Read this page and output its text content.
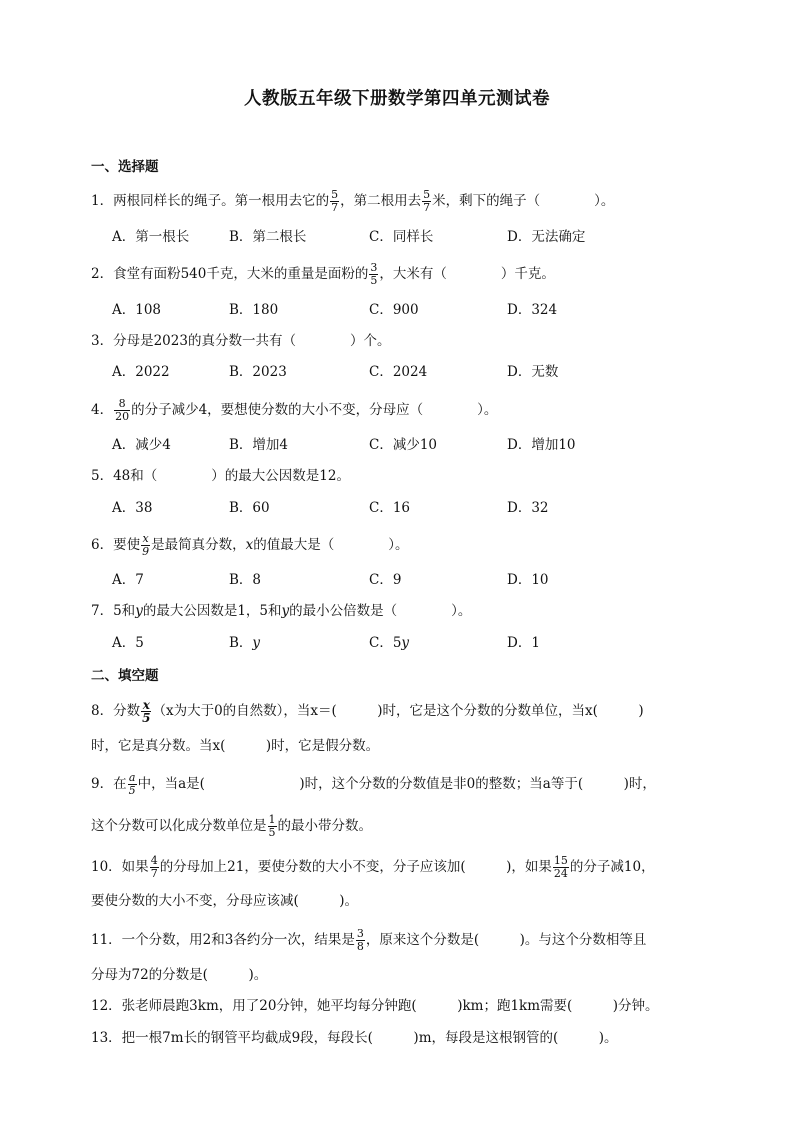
人教版五年级下册数学第四单元测试卷
一、选择题
1．两根同样长的绳子。第一根用去它的 $\frac{5}{7}$ ，第二根用去 $\frac{5}{7}$ 米，剩下的绳子（　　　　）。
A．第一根长	B．第二根长	C．同样长	D．无法确定
2．食堂有面粉540千克，大米的重量是面粉的 $\frac{3}{5}$ ，大米有（　　　　）千克。
A．108	B．180	C．900	D．324
3．分母是2023的真分数一共有（　　　　）个。
A．2022	B．2023	C．2024	D．无数
4． $\frac{8}{20}$ 的分子减少4，要想使分数的大小不变，分母应（　　　　）。
A．减少4	B．增加4	C．减少10	D．增加10
5．48和（　　　　）的最大公因数是12。
A．38	B．60	C．16	D．32
6．要使 $\frac{x}{9}$ 是最简真分数，x的值最大是（　　　　）。
A．7	B．8	C．9	D．10
7．5和y的最大公因数是1，5和y的最小公倍数是（　　　　）。
A．5	B．y	C．5y	D．1
二、填空题
8．分数 $\frac{x}{5} (x$为大于0的自然数），当x＝(　　　)时，它是这个分数的分数单位，当x(　　　)
时，它是真分数。当x(　　　)时，它是假分数。
9．在 $\frac{a}{5}$ 中，当a是(　　　　　　　)时，这个分数的分数值是非0的整数；当a等于(　　　)时，
这个分数可以化成分数单位是 $\frac{1}{5}$ 的最小带分数。
10．如果 $\frac{4}{7}$ 的分母加上21，要使分数的大小不变，分子应该加(　　　)，如果 $\frac{15}{24}$ 的分子减10，
要使分数的大小不变，分母应该减(　　　)。
11．一个分数，用2和3各约分一次，结果是 $\frac{3}{8}$ ，原来这个分数是(　　　)。与这个分数相等且
分母为72的分数是(　　　)。
12．张老师晨跑3km，用了20分钟，她平均每分钟跑(　　　)km；跑1km需要(　　　)分钟。
13．把一根7m长的钢管平均截成9段，每段长(　　　)m，每段是这根钢管的(　　　)。
